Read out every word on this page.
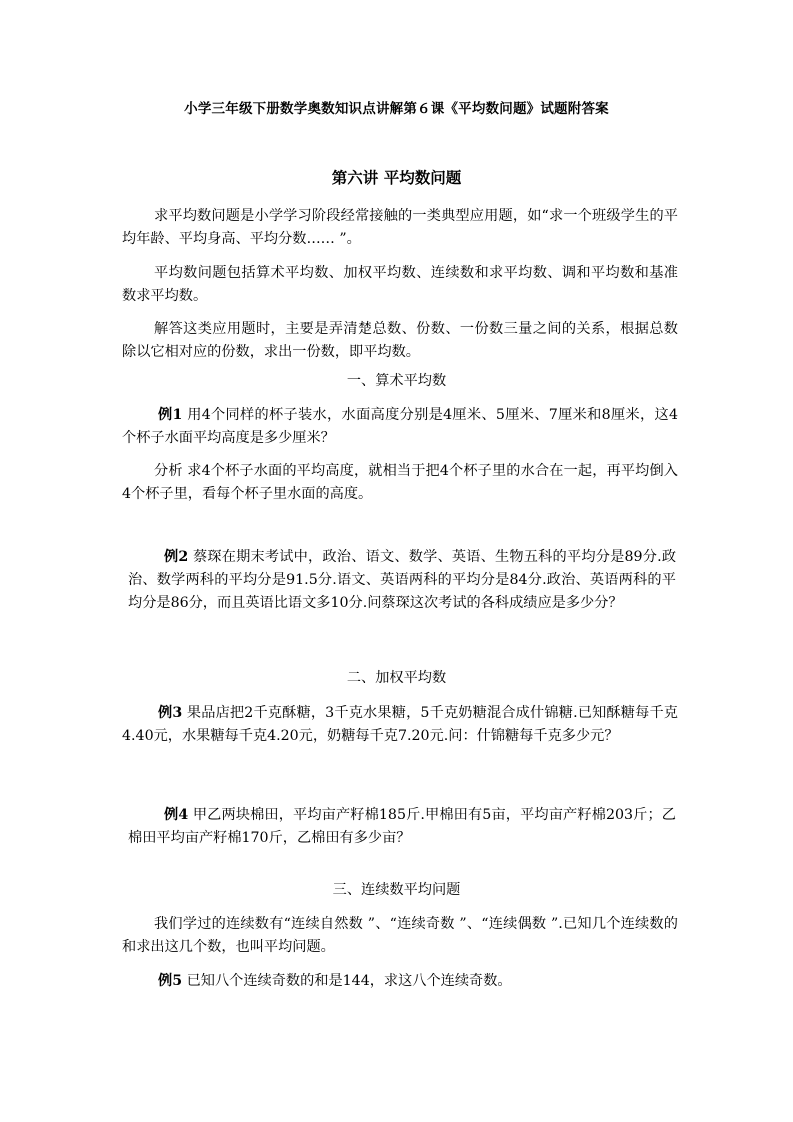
小学三年级下册数学奥数知识点讲解第６课《平均数问题》试题附答案
第六讲 平均数问题
求平均数问题是小学学习阶段经常接触的一类典型应用题，如“求一个班级学生的平均年龄、平均身高、平均分数…… ”。
平均数问题包括算术平均数、加权平均数、连续数和求平均数、调和平均数和基准数求平均数。
解答这类应用题时，主要是弄清楚总数、份数、一份数三量之间的关系，根据总数除以它相对应的份数，求出一份数，即平均数。
一、算术平均数
例1 用4个同样的杯子装水，水面高度分别是4厘米、5厘米、7厘米和8厘米，这4个杯子水面平均高度是多少厘米？
分析 求4个杯子水面的平均高度，就相当于把4个杯子里的水合在一起，再平均倒入4个杯子里，看每个杯子里水面的高度。
例2 蔡琛在期末考试中，政治、语文、数学、英语、生物五科的平均分是89分.政治、数学两科的平均分是91.5分.语文、英语两科的平均分是84分.政治、英语两科的平均分是86分，而且英语比语文多10分.问蔡琛这次考试的各科成绩应是多少分？
二、加权平均数
例3 果品店把2千克酥糖，3千克水果糖，5千克奶糖混合成什锦糖.已知酥糖每千克4.40元，水果糖每千克4.20元，奶糖每千克7.20元.问：什锦糖每千克多少元？
例4 甲乙两块棉田，平均亩产籽棉185斤.甲棉田有5亩，平均亩产籽棉203斤；乙棉田平均亩产籽棉170斤，乙棉田有多少亩？
三、连续数平均问题
我们学过的连续数有“连续自然数 ”、“连续奇数 ”、“连续偶数 ”.已知几个连续数的和求出这几个数，也叫平均问题。
例5 已知八个连续奇数的和是144，求这八个连续奇数。
